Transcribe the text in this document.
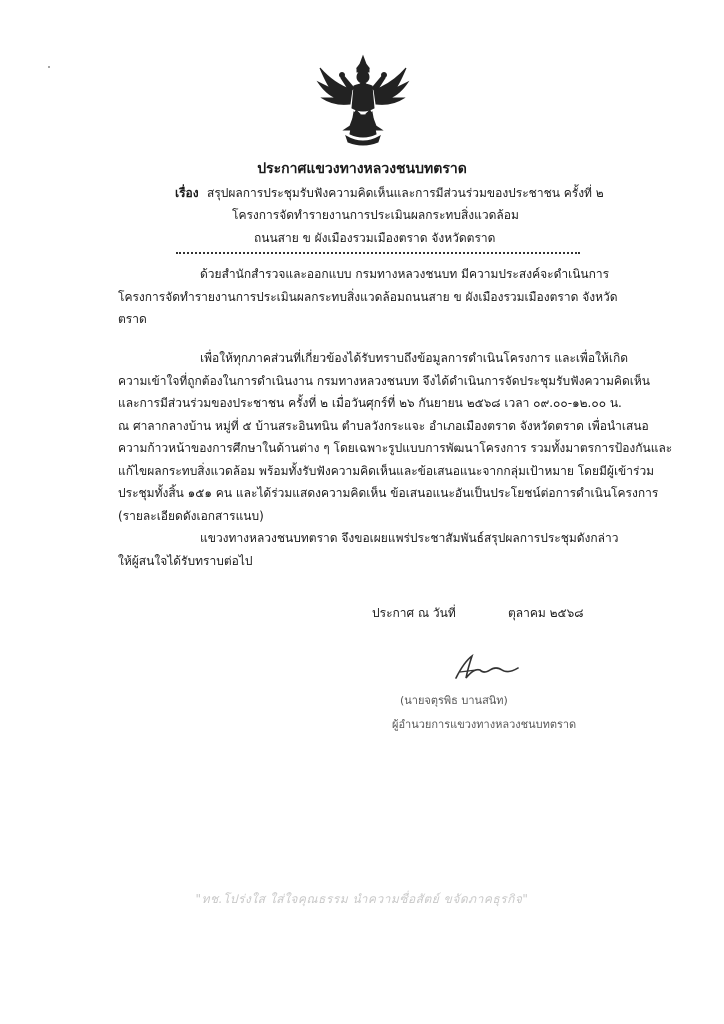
ประกาศแขวงทางหลวงชนบทตราด
เรื่อง สรุปผลการประชุมรับฟังความคิดเห็นและการมีส่วนร่วมของประชาชน ครั้งที่ ๒
โครงการจัดทำรายงานการประเมินผลกระทบสิ่งแวดล้อม
ถนนสาย ข ผังเมืองรวมเมืองตราด จังหวัดตราด
ด้วยสำนักสำรวจและออกแบบ กรมทางหลวงชนบท มีความประสงค์จะดำเนินการ
โครงการจัดทำรายงานการประเมินผลกระทบสิ่งแวดล้อมถนนสาย ข ผังเมืองรวมเมืองตราด จังหวัด
ตราด
เพื่อให้ทุกภาคส่วนที่เกี่ยวข้องได้รับทราบถึงข้อมูลการดำเนินโครงการ และเพื่อให้เกิด
ความเข้าใจที่ถูกต้องในการดำเนินงาน กรมทางหลวงชนบท จึงได้ดำเนินการจัดประชุมรับฟังความคิดเห็น
และการมีส่วนร่วมของประชาชน ครั้งที่ ๒ เมื่อวันศุกร์ที่ ๒๖ กันยายน ๒๕๖๘ เวลา ๐๙.๐๐-๑๒.๐๐ น.
ณ ศาลากลางบ้าน หมู่ที่ ๕ บ้านสระอินทนิน ตำบลวังกระแจะ อำเภอเมืองตราด จังหวัดตราด เพื่อนำเสนอ
ความก้าวหน้าของการศึกษาในด้านต่าง ๆ โดยเฉพาะรูปแบบการพัฒนาโครงการ รวมทั้งมาตรการป้องกันและ
แก้ไขผลกระทบสิ่งแวดล้อม พร้อมทั้งรับฟังความคิดเห็นและข้อเสนอแนะจากกลุ่มเป้าหมาย โดยมีผู้เข้าร่วม
ประชุมทั้งสิ้น ๑๕๑ คน และได้ร่วมแสดงความคิดเห็น ข้อเสนอแนะอันเป็นประโยชน์ต่อการดำเนินโครงการ
(รายละเอียดดังเอกสารแนบ)
แขวงทางหลวงชนบทตราด จึงขอเผยแพร่ประชาสัมพันธ์สรุปผลการประชุมดังกล่าว
ให้ผู้สนใจได้รับทราบต่อไป
ประกาศ ณ วันที่	ตุลาคม ๒๕๖๘
(นายจตุรพิธ บานสนิท)
ผู้อำนวยการแขวงทางหลวงชนบทตราด
"ทช.โปร่งใส ใส่ใจคุณธรรม นำความซื่อสัตย์ ขจัดภาคธุรกิจ"
